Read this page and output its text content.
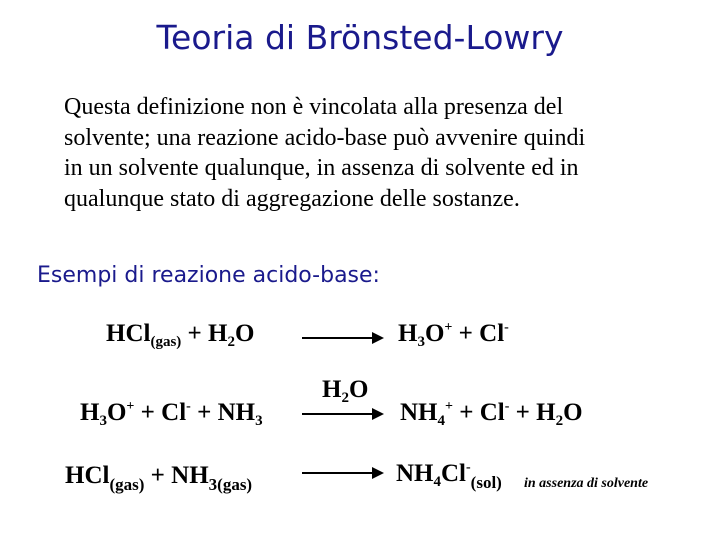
Teoria di Brönsted-Lowry
Questa definizione non è vincolata alla presenza del
solvente; una reazione acido-base può avvenire quindi
in un solvente qualunque, in assenza di solvente ed in
qualunque stato di aggregazione delle sostanze.
Esempi di reazione acido-base:
$HCl_{(gas)} + H_2O$	$H_3O^+ + Cl^-$
$H_3O^+ + Cl^- + NH_3$
$H_2O$
$NH_4^+ + Cl^- + H_2O$
$HCl_{(gas)} + NH_{3(gas)}$	$NH_4Cl^-_{(sol)}$ in assenza di solvente
